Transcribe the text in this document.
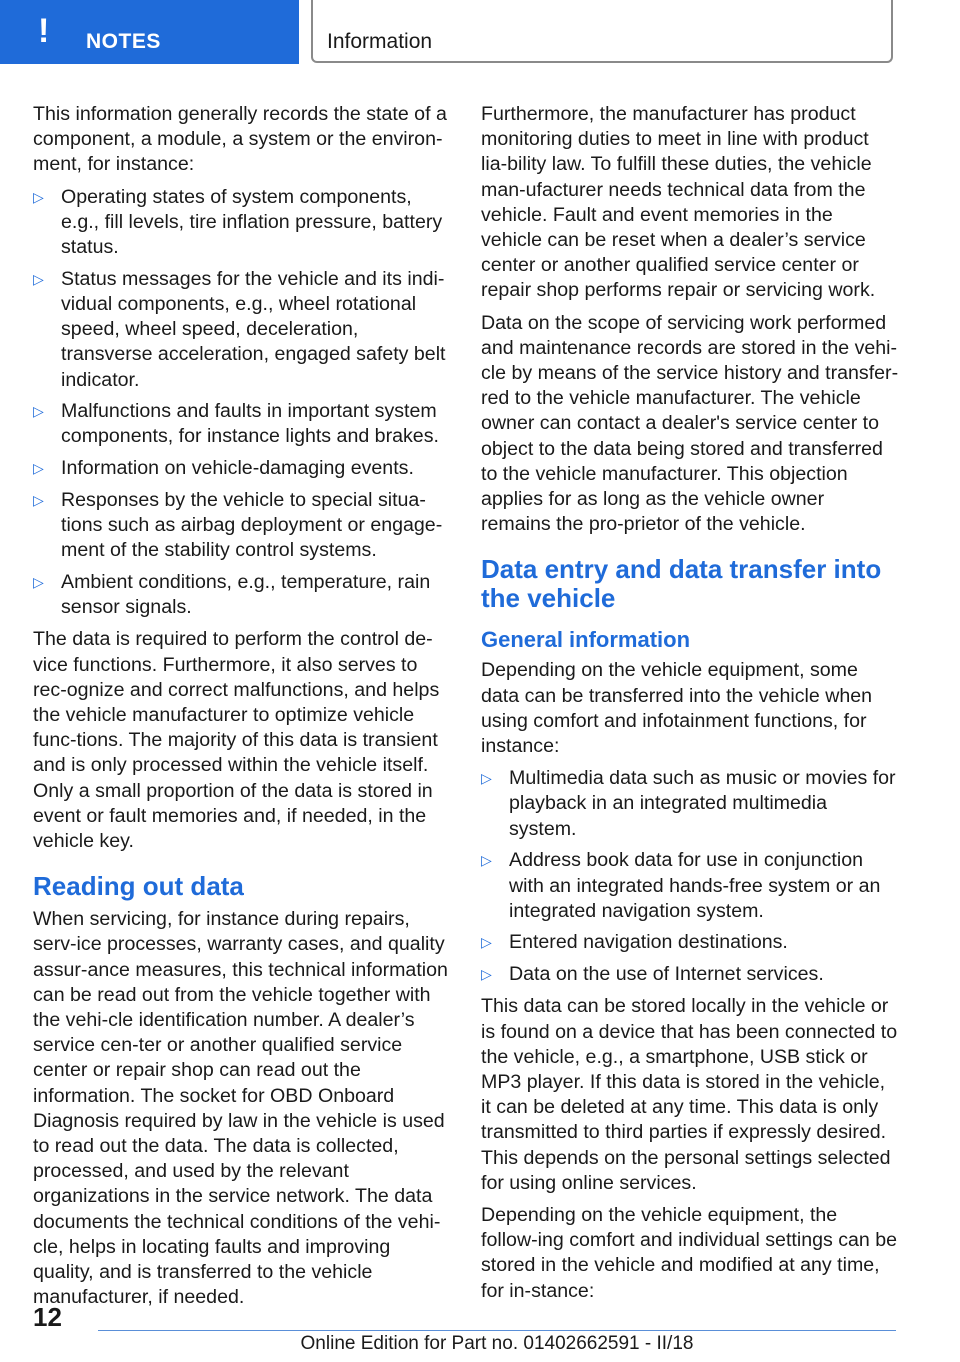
! NOTES	Information

This information generally records the state of a component, a module, a system or the environ-ment, for instance:

▷ Operating states of system components, e.g., fill levels, tire inflation pressure, battery status.
▷ Status messages for the vehicle and its indi-vidual components, e.g., wheel rotational speed, wheel speed, deceleration, transverse acceleration, engaged safety belt indicator.
▷ Malfunctions and faults in important system components, for instance lights and brakes.
▷ Information on vehicle-damaging events.
▷ Responses by the vehicle to special situa-tions such as airbag deployment or engage-ment of the stability control systems.
▷ Ambient conditions, e.g., temperature, rain sensor signals.

The data is required to perform the control de-vice functions. Furthermore, it also serves to rec-ognize and correct malfunctions, and helps the vehicle manufacturer to optimize vehicle func-tions. The majority of this data is transient and is only processed within the vehicle itself. Only a small proportion of the data is stored in event or fault memories and, if needed, in the vehicle key.

Reading out data

When servicing, for instance during repairs, serv-ice processes, warranty cases, and quality assur-ance measures, this technical information can be read out from the vehicle together with the vehi-cle identification number. A dealer’s service cen-ter or another qualified service center or repair shop can read out the information. The socket for OBD Onboard Diagnosis required by law in the vehicle is used to read out the data. The data is collected, processed, and used by the relevant organizations in the service network. The data documents the technical conditions of the vehi-cle, helps in locating faults and improving quality, and is transferred to the vehicle manufacturer, if needed.

Furthermore, the manufacturer has product monitoring duties to meet in line with product lia-bility law. To fulfill these duties, the vehicle man-ufacturer needs technical data from the vehicle. Fault and event memories in the vehicle can be reset when a dealer’s service center or another qualified service center or repair shop performs repair or servicing work.

Data on the scope of servicing work performed and maintenance records are stored in the vehi-cle by means of the service history and transfer-red to the vehicle manufacturer. The vehicle owner can contact a dealer's service center to object to the data being stored and transferred to the vehicle manufacturer. This objection applies for as long as the vehicle owner remains the pro-prietor of the vehicle.

Data entry and data transfer into the vehicle
General information

Depending on the vehicle equipment, some data can be transferred into the vehicle when using comfort and infotainment functions, for instance:

▷ Multimedia data such as music or movies for playback in an integrated multimedia system.
▷ Address book data for use in conjunction with an integrated hands-free system or an integrated navigation system.
▷ Entered navigation destinations.
▷ Data on the use of Internet services.

This data can be stored locally in the vehicle or is found on a device that has been connected to the vehicle, e.g., a smartphone, USB stick or MP3 player. If this data is stored in the vehicle, it can be deleted at any time. This data is only transmitted to third parties if expressly desired. This depends on the personal settings selected for using online services.

Depending on the vehicle equipment, the follow-ing comfort and individual settings can be stored in the vehicle and modified at any time, for in-stance:

12
Online Edition for Part no. 01402662591 - II/18
